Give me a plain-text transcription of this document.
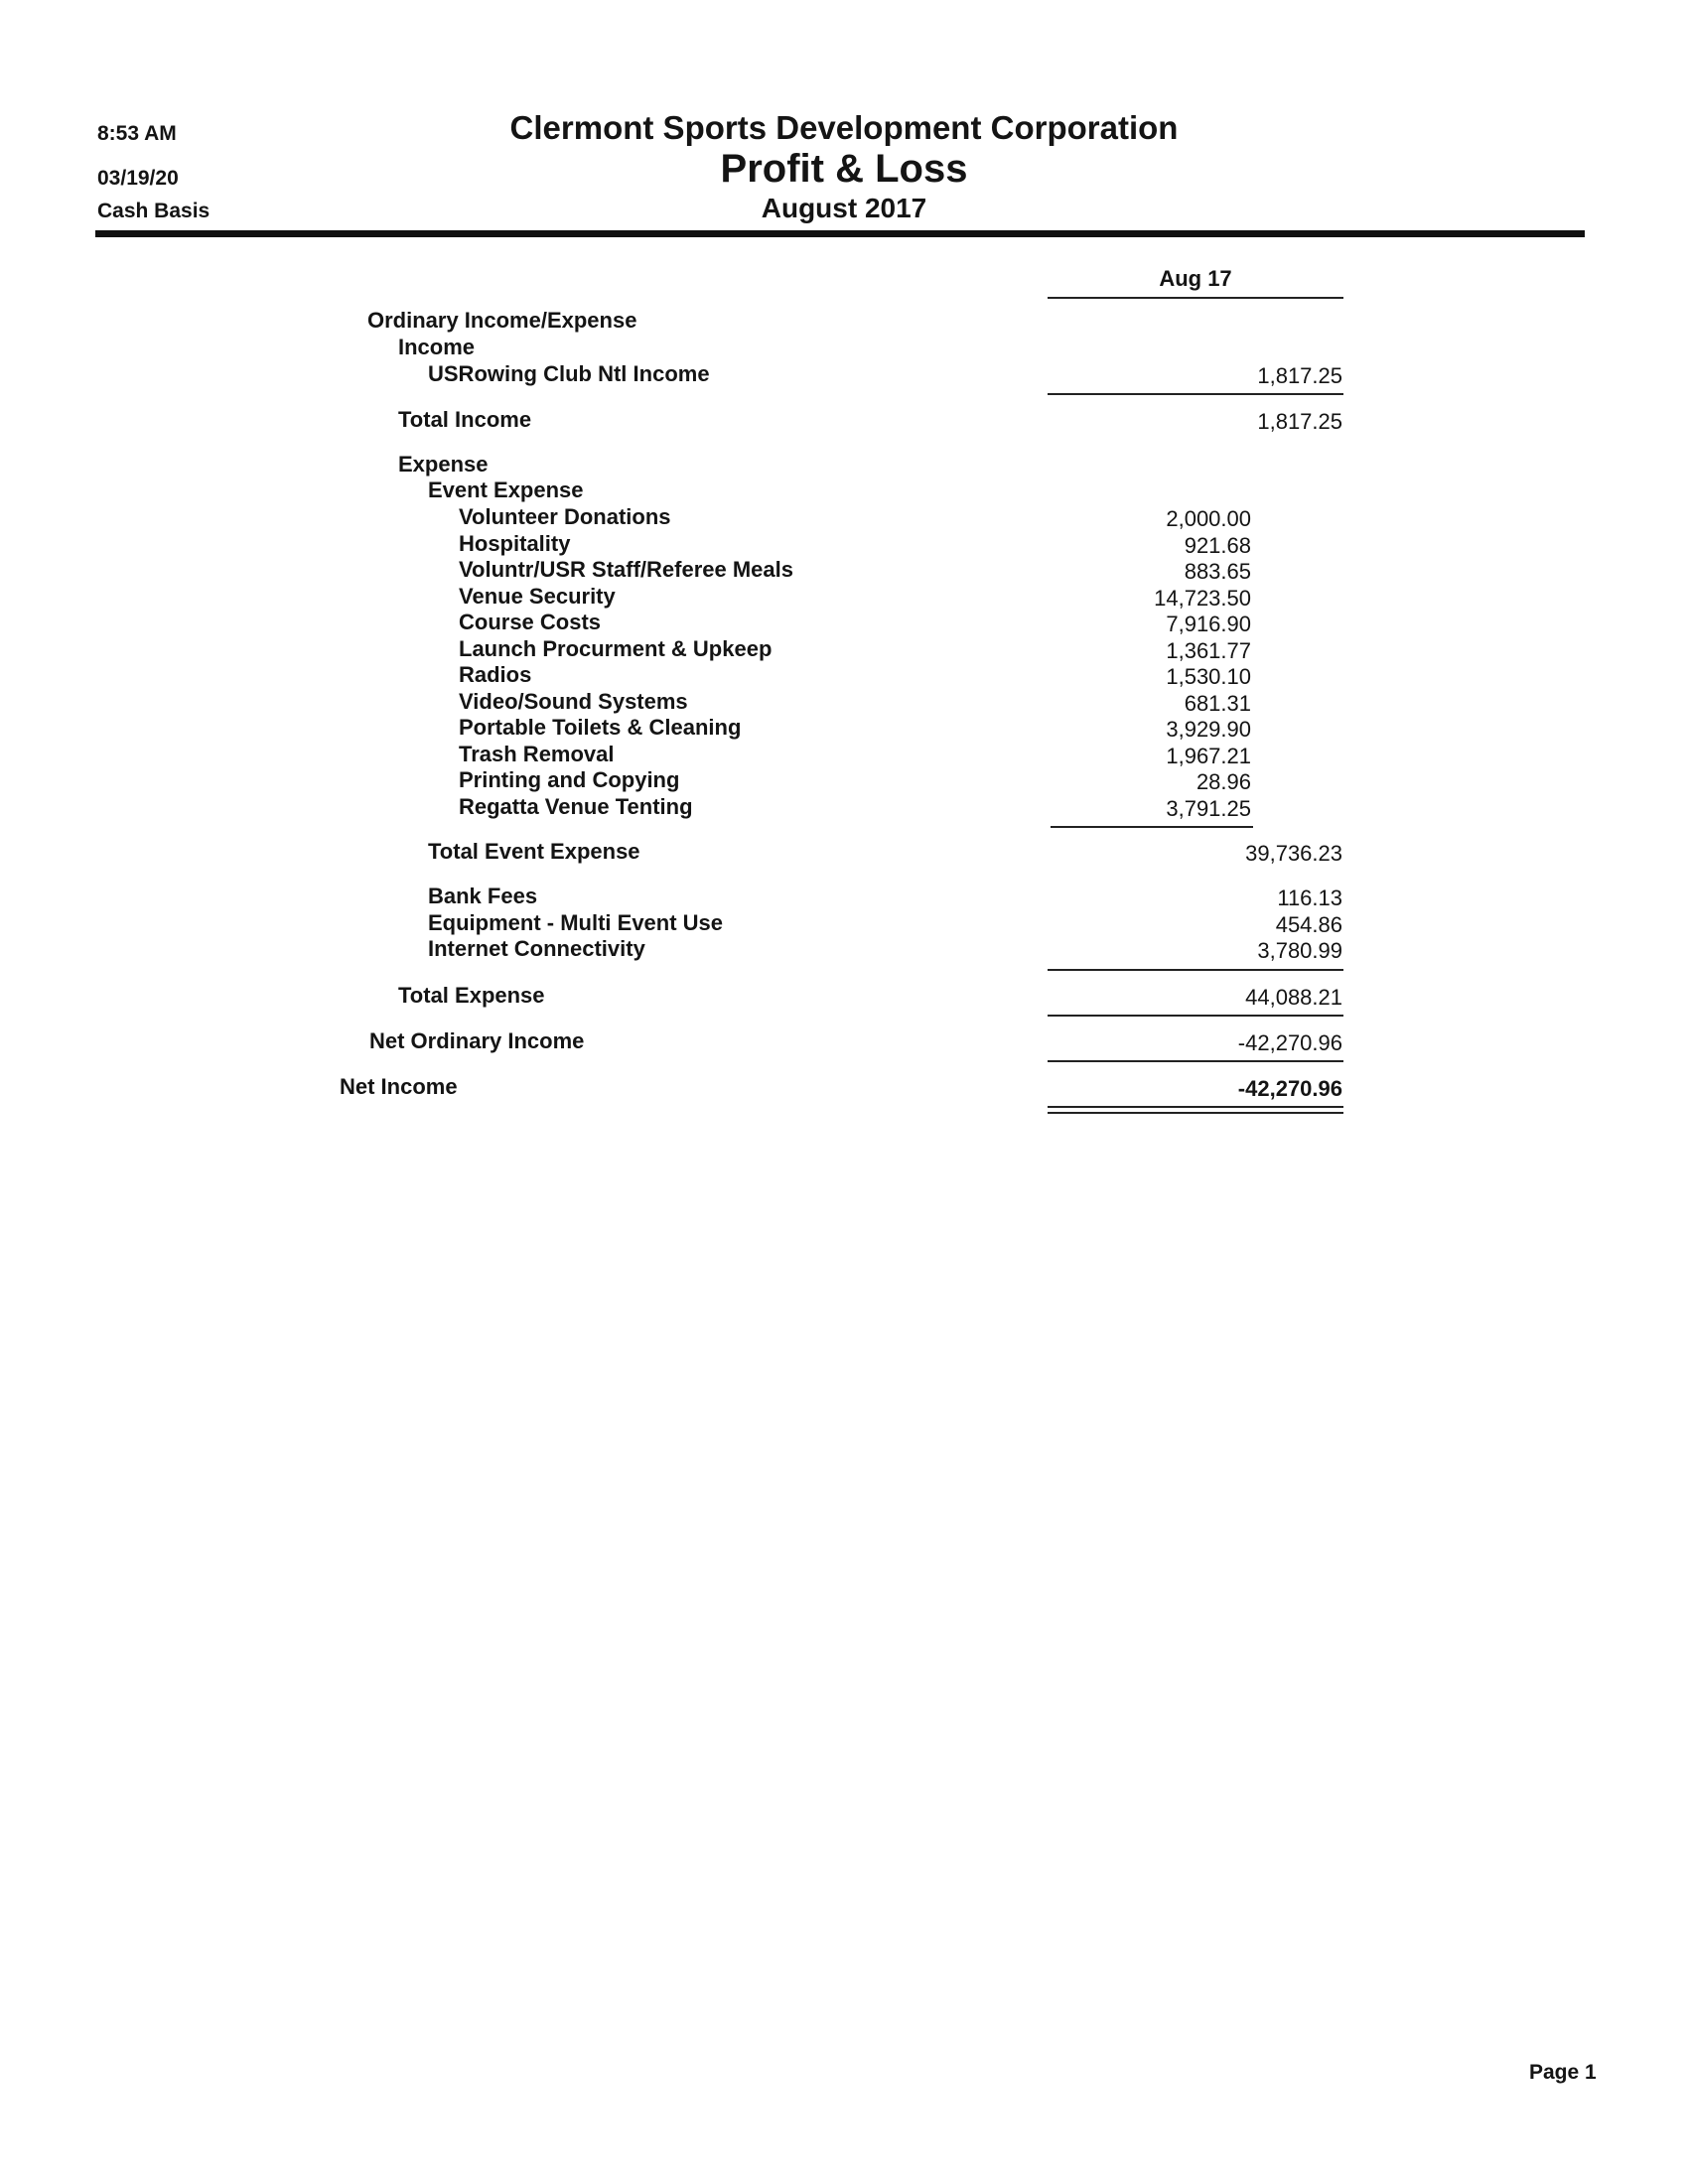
8:53 AM
03/19/20
Cash Basis
Clermont Sports Development Corporation
Profit & Loss
August 2017
Aug 17
Ordinary Income/Expense
Income
USRowing Club Ntl Income	1,817.25
Total Income	1,817.25
Expense
Event Expense
Volunteer Donations	2,000.00
Hospitality	921.68
Voluntr/USR Staff/Referee Meals	883.65
Venue Security	14,723.50
Course Costs	7,916.90
Launch Procurment & Upkeep	1,361.77
Radios	1,530.10
Video/Sound Systems	681.31
Portable Toilets & Cleaning	3,929.90
Trash Removal	1,967.21
Printing and Copying	28.96
Regatta Venue Tenting	3,791.25
Total Event Expense	39,736.23
Bank Fees	116.13
Equipment - Multi Event Use	454.86
Internet Connectivity	3,780.99
Total Expense	44,088.21
Net Ordinary Income	-42,270.96
Net Income	-42,270.96
Page 1
